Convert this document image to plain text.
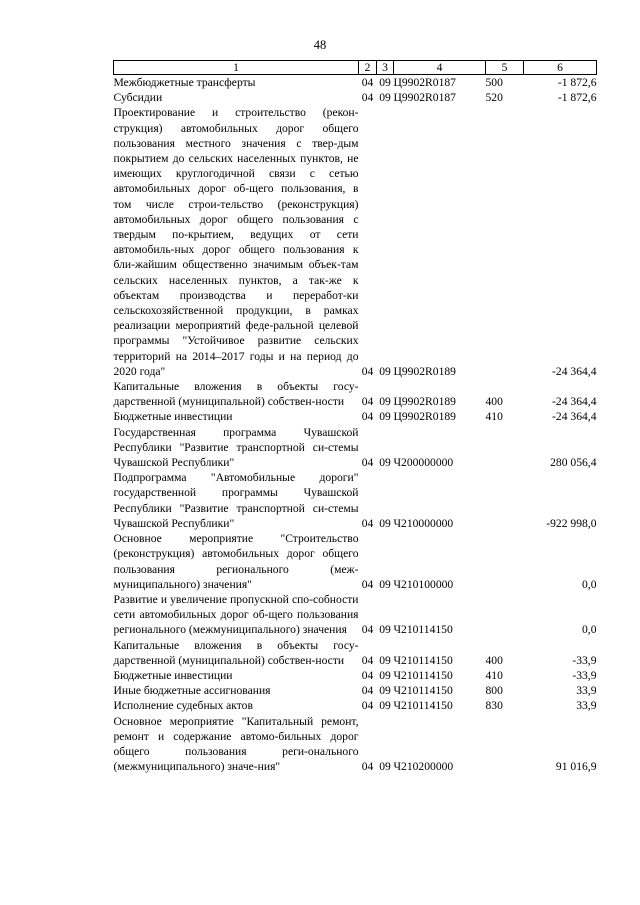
48
1	2	3	4	5	6
Межбюджетные трансферты	04	09	Ц9902R0187	500	-1 872,6
Субсидии	04	09	Ц9902R0187	520	-1 872,6
Проектирование и строительство (рекон-струкция) автомобильных дорог общего пользования местного значения с твер-дым покрытием до сельских населенных пунктов, не имеющих круглогодичной связи с сетью автомобильных дорог об-щего пользования, в том числе строи-тельство (реконструкция) автомобильных дорог общего пользования с твердым по-крытием, ведущих от сети автомобиль-ных дорог общего пользования к бли-жайшим общественно значимым объек-там сельских населенных пунктов, а так-же к объектам производства и переработ-ки сельскохозяйственной продукции, в рамках реализации мероприятий феде-ральной целевой программы "Устойчивое развитие сельских территорий на 2014–2017 годы и на период до 2020 года"	04	09	Ц9902R0189		-24 364,4
Капитальные вложения в объекты госу-дарственной (муниципальной) собствен-ности	04	09	Ц9902R0189	400	-24 364,4
Бюджетные инвестиции	04	09	Ц9902R0189	410	-24 364,4
Государственная программа Чувашской Республики "Развитие транспортной си-стемы Чувашской Республики"	04	09	Ч200000000		280 056,4
Подпрограмма "Автомобильные дороги" государственной программы Чувашской Республики "Развитие транспортной си-стемы Чувашской Республики"	04	09	Ч210000000		-922 998,0
Основное мероприятие "Строительство (реконструкция) автомобильных дорог общего пользования регионального (меж-муниципального) значения"	04	09	Ч210100000		0,0
Развитие и увеличение пропускной спо-собности сети автомобильных дорог об-щего пользования регионального (межмуниципального) значения	04	09	Ч210114150		0,0
Капитальные вложения в объекты госу-дарственной (муниципальной) собствен-ности	04	09	Ч210114150	400	-33,9
Бюджетные инвестиции	04	09	Ч210114150	410	-33,9
Иные бюджетные ассигнования	04	09	Ч210114150	800	33,9
Исполнение судебных актов	04	09	Ч210114150	830	33,9
Основное мероприятие "Капитальный ремонт, ремонт и содержание автомо-бильных дорог общего пользования реги-онального (межмуниципального) значе-ния"	04	09	Ч210200000		91 016,9
